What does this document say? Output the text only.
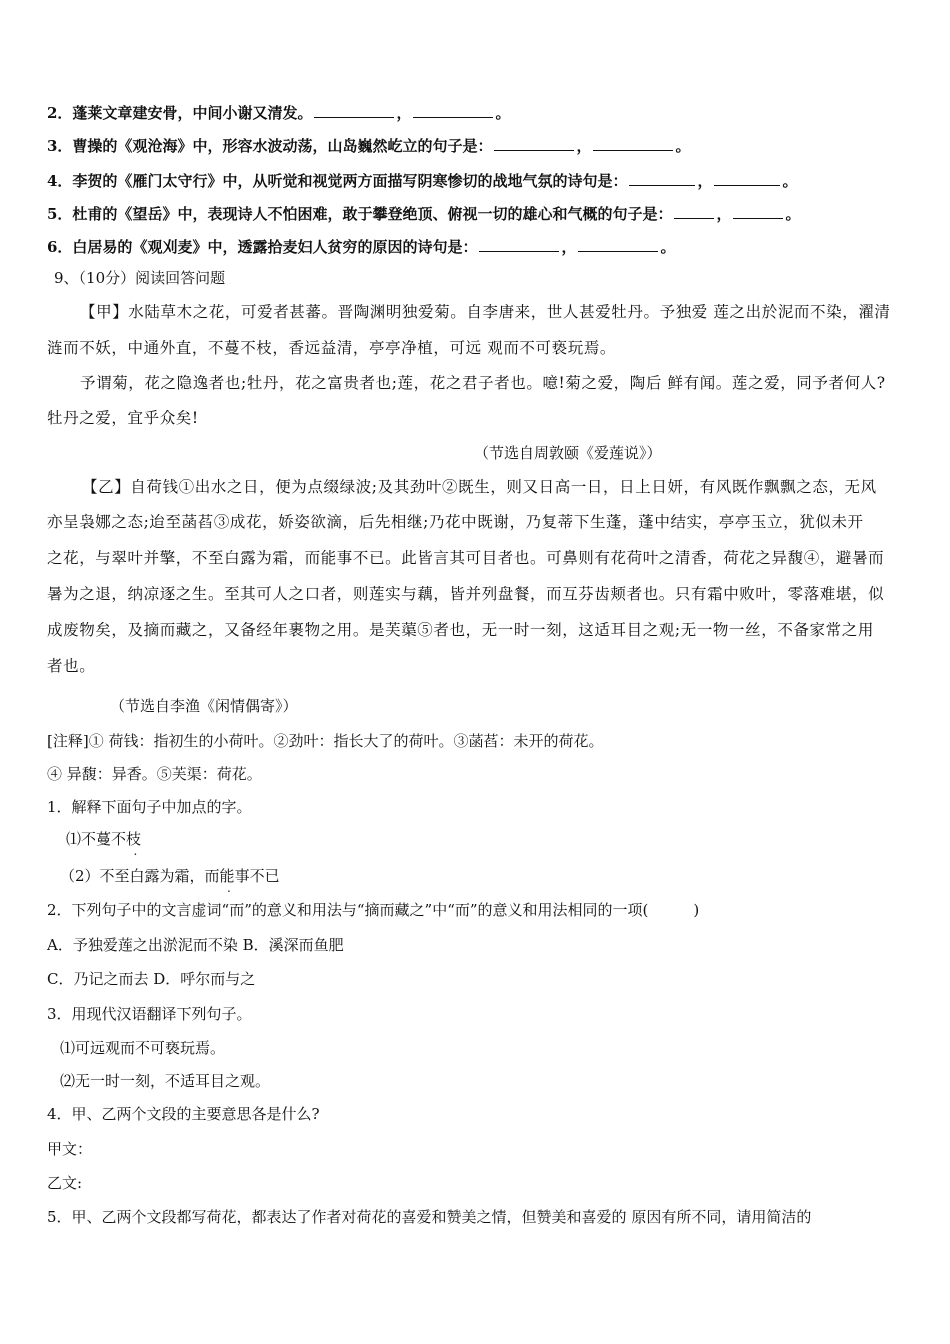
2．蓬莱文章建安骨，中间小谢又清发。	，	。
3．曹操的《观沧海》中，形容水波动荡，山岛巍然屹立的句子是：	，	。
4．李贺的《雁门太守行》中，从听觉和视觉两方面描写阴寒惨切的战地气氛的诗句是：	，	。
5．杜甫的《望岳》中，表现诗人不怕困难，敢于攀登绝顶、俯视一切的雄心和气概的句子是：	，	。
6．白居易的《观刈麦》中，透露拾麦妇人贫穷的原因的诗句是：	，	。
9、（10分）阅读回答问题
【甲】水陆草木之花，可爱者甚蕃。晋陶渊明独爱菊。自李唐来，世人甚爱牡丹。予独爱 莲之出於泥而不染，濯清
涟而不妖，中通外直，不蔓不枝，香远益清，亭亭净植，可远 观而不可亵玩焉。
予谓菊，花之隐逸者也;牡丹，花之富贵者也;莲，花之君子者也。噫!菊之爱，陶后 鲜有闻。莲之爱，同予者何人?
牡丹之爱，宜乎众矣!
（节选自周敦颐《爱莲说》）
【乙】自荷钱①出水之日，便为点缀绿波;及其劲叶②既生，则又日高一日，日上日妍，有风既作飘飘之态，无风
亦呈袅娜之态;迨至菡萏③成花，娇姿欲滴，后先相继;乃花中既谢，乃复蒂下生蓬，蓬中结实，亭亭玉立，犹似未开
之花，与翠叶并擎，不至白露为霜，而能事不已。此皆言其可目者也。可鼻则有花荷叶之清香，荷花之异馥④，避暑而
暑为之退，纳凉逐之生。至其可人之口者，则莲实与藕，皆并列盘餐，而互芬齿颊者也。只有霜中败叶，零落难堪，似
成废物矣，及摘而藏之，又备经年裹物之用。是芙蕖⑤者也，无一时一刻，这适耳目之观;无一物一丝，不备家常之用
者也。
（节选自李渔《闲情偶寄》）
[注释]① 荷钱：指初生的小荷叶。②劲叶：指长大了的荷叶。③菡萏：未开的荷花。
④ 异馥：异香。⑤芙渠：荷花。
1．解释下面句子中加点的字。
⑴不蔓不枝
（2）不至白露为霜，而能事不已
2．下列句子中的文言虚词“而”的意义和用法与“摘而藏之”中“而”的意义和用法相同的一项(　　　)
A．予独爱莲之出淤泥而不染 B．溪深而鱼肥
C．乃记之而去 D．呼尔而与之
3．用现代汉语翻译下列句子。
⑴可远观而不可亵玩焉。
⑵无一时一刻，不适耳目之观。
4．甲、乙两个文段的主要意思各是什么?
甲文：
乙文:
5．甲、乙两个文段都写荷花，都表达了作者对荷花的喜爱和赞美之情，但赞美和喜爱的 原因有所不同，请用简洁的
